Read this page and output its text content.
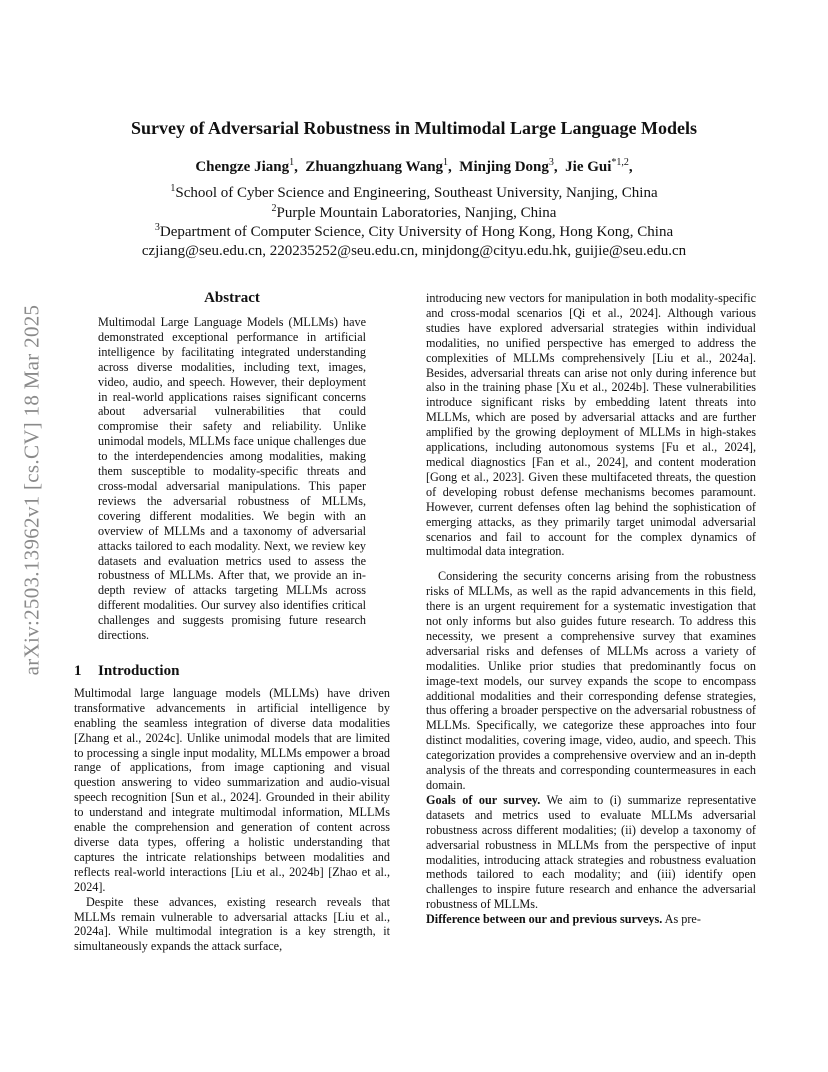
arXiv:2503.13962v1 [cs.CV] 18 Mar 2025
Survey of Adversarial Robustness in Multimodal Large Language Models
Chengze Jiang$^1$,  Zhuangzhuang Wang$^1$,  Minjing Dong$^3$,  Jie Gui$^{*1,2}$,
$^1$School of Cyber Science and Engineering, Southeast University, Nanjing, China
$^2$Purple Mountain Laboratories, Nanjing, China
$^3$Department of Computer Science, City University of Hong Kong, Hong Kong, China
czjiang@seu.edu.cn, 220235252@seu.edu.cn, minjdong@cityu.edu.hk, guijie@seu.edu.cn
Abstract

Multimodal Large Language Models (MLLMs) have demonstrated exceptional performance in artificial intelligence by facilitating integrated understanding across diverse modalities, including text, images, video, audio, and speech. However, their deployment in real-world applications raises significant concerns about adversarial vulnerabilities that could compromise their safety and reliability. Unlike unimodal models, MLLMs face unique challenges due to the interdependencies among modalities, making them susceptible to modality-specific threats and cross-modal adversarial manipulations. This paper reviews the adversarial robustness of MLLMs, covering different modalities. We begin with an overview of MLLMs and a taxonomy of adversarial attacks tailored to each modality. Next, we review key datasets and evaluation metrics used to assess the robustness of MLLMs. After that, we provide an in-depth review of attacks targeting MLLMs across different modalities. Our survey also identifies critical challenges and suggests promising future research directions.

1 Introduction

Multimodal large language models (MLLMs) have driven transformative advancements in artificial intelligence by enabling the seamless integration of diverse data modalities [Zhang et al., 2024c]. Unlike unimodal models that are limited to processing a single input modality, MLLMs empower a broad range of applications, from image captioning and visual question answering to video summarization and audio-visual speech recognition [Sun et al., 2024]. Grounded in their ability to understand and integrate multimodal information, MLLMs enable the comprehension and generation of content across diverse data types, offering a holistic understanding that captures the intricate relationships between modalities and reflects real-world interactions [Liu et al., 2024b] [Zhao et al., 2024].

Despite these advances, existing research reveals that MLLMs remain vulnerable to adversarial attacks [Liu et al., 2024a]. While multimodal integration is a key strength, it simultaneously expands the attack surface,

introducing new vectors for manipulation in both modality-specific and cross-modal scenarios [Qi et al., 2024]. Although various studies have explored adversarial strategies within individual modalities, no unified perspective has emerged to address the complexities of MLLMs comprehensively [Liu et al., 2024a]. Besides, adversarial threats can arise not only during inference but also in the training phase [Xu et al., 2024b]. These vulnerabilities introduce significant risks by embedding latent threats into MLLMs, which are posed by adversarial attacks and are further amplified by the growing deployment of MLLMs in high-stakes applications, including autonomous systems [Fu et al., 2024], medical diagnostics [Fan et al., 2024], and content moderation [Gong et al., 2023]. Given these multifaceted threats, the question of developing robust defense mechanisms becomes paramount. However, current defenses often lag behind the sophistication of emerging attacks, as they primarily target unimodal adversarial scenarios and fail to account for the complex dynamics of multimodal data integration.

Considering the security concerns arising from the robustness risks of MLLMs, as well as the rapid advancements in this field, there is an urgent requirement for a systematic investigation that not only informs but also guides future research. To address this necessity, we present a comprehensive survey that examines adversarial risks and defenses of MLLMs across a variety of modalities. Unlike prior studies that predominantly focus on image-text models, our survey expands the scope to encompass additional modalities and their corresponding defense strategies, thus offering a broader perspective on the adversarial robustness of MLLMs. Specifically, we categorize these approaches into four distinct modalities, covering image, video, audio, and speech. This categorization provides a comprehensive overview and an in-depth analysis of the threats and corresponding countermeasures in each domain.

Goals of our survey. We aim to (i) summarize representative datasets and metrics used to evaluate MLLMs adversarial robustness across different modalities; (ii) develop a taxonomy of adversarial robustness in MLLMs from the perspective of input modalities, introducing attack strategies and robustness evaluation methods tailored to each modality; and (iii) identify open challenges to inspire future research and enhance the adversarial robustness of MLLMs.

Difference between our and previous surveys. As pre-
